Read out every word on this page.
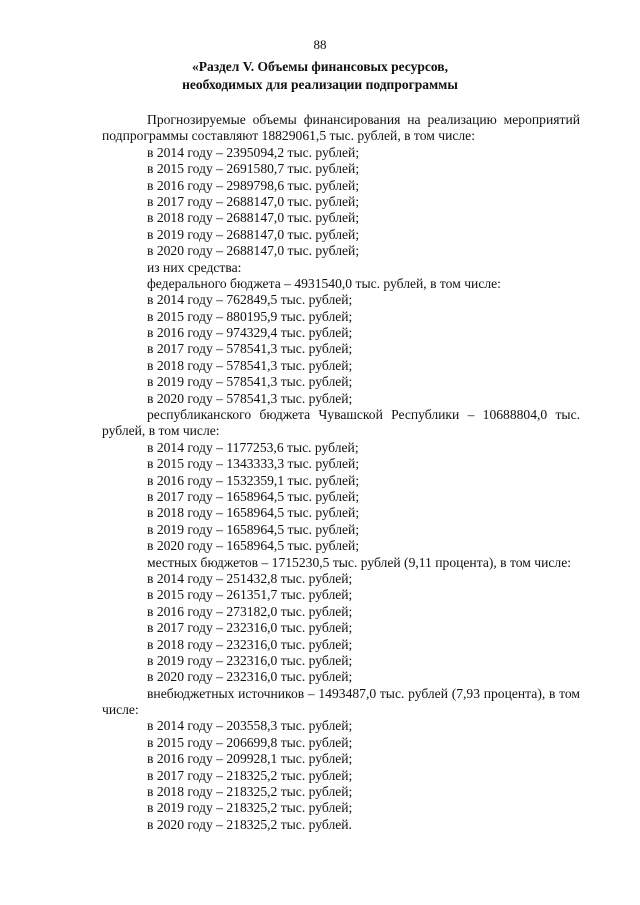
88
«Раздел V. Объемы финансовых ресурсов,
необходимых для реализации подпрограммы
Прогнозируемые объемы финансирования на реализацию мероприятий
подпрограммы составляют 18829061,5 тыс. рублей, в том числе:
в 2014 году – 2395094,2 тыс. рублей;
в 2015 году – 2691580,7 тыс. рублей;
в 2016 году – 2989798,6 тыс. рублей;
в 2017 году – 2688147,0 тыс. рублей;
в 2018 году – 2688147,0 тыс. рублей;
в 2019 году – 2688147,0 тыс. рублей;
в 2020 году – 2688147,0 тыс. рублей;
из них средства:
федерального бюджета – 4931540,0 тыс. рублей, в том числе:
в 2014 году – 762849,5 тыс. рублей;
в 2015 году – 880195,9 тыс. рублей;
в 2016 году – 974329,4 тыс. рублей;
в 2017 году – 578541,3 тыс. рублей;
в 2018 году – 578541,3 тыс. рублей;
в 2019 году – 578541,3 тыс. рублей;
в 2020 году – 578541,3 тыс. рублей;
республиканского бюджета Чувашской Республики – 10688804,0 тыс.
рублей, в том числе:
в 2014 году – 1177253,6 тыс. рублей;
в 2015 году – 1343333,3 тыс. рублей;
в 2016 году – 1532359,1 тыс. рублей;
в 2017 году – 1658964,5 тыс. рублей;
в 2018 году – 1658964,5 тыс. рублей;
в 2019 году – 1658964,5 тыс. рублей;
в 2020 году – 1658964,5 тыс. рублей;
местных бюджетов – 1715230,5 тыс. рублей (9,11 процента), в том числе:
в 2014 году – 251432,8 тыс. рублей;
в 2015 году – 261351,7 тыс. рублей;
в 2016 году – 273182,0 тыс. рублей;
в 2017 году – 232316,0 тыс. рублей;
в 2018 году – 232316,0 тыс. рублей;
в 2019 году – 232316,0 тыс. рублей;
в 2020 году – 232316,0 тыс. рублей;
внебюджетных источников – 1493487,0 тыс. рублей (7,93 процента), в том
числе:
в 2014 году – 203558,3 тыс. рублей;
в 2015 году – 206699,8 тыс. рублей;
в 2016 году – 209928,1 тыс. рублей;
в 2017 году – 218325,2 тыс. рублей;
в 2018 году – 218325,2 тыс. рублей;
в 2019 году – 218325,2 тыс. рублей;
в 2020 году – 218325,2 тыс. рублей.
